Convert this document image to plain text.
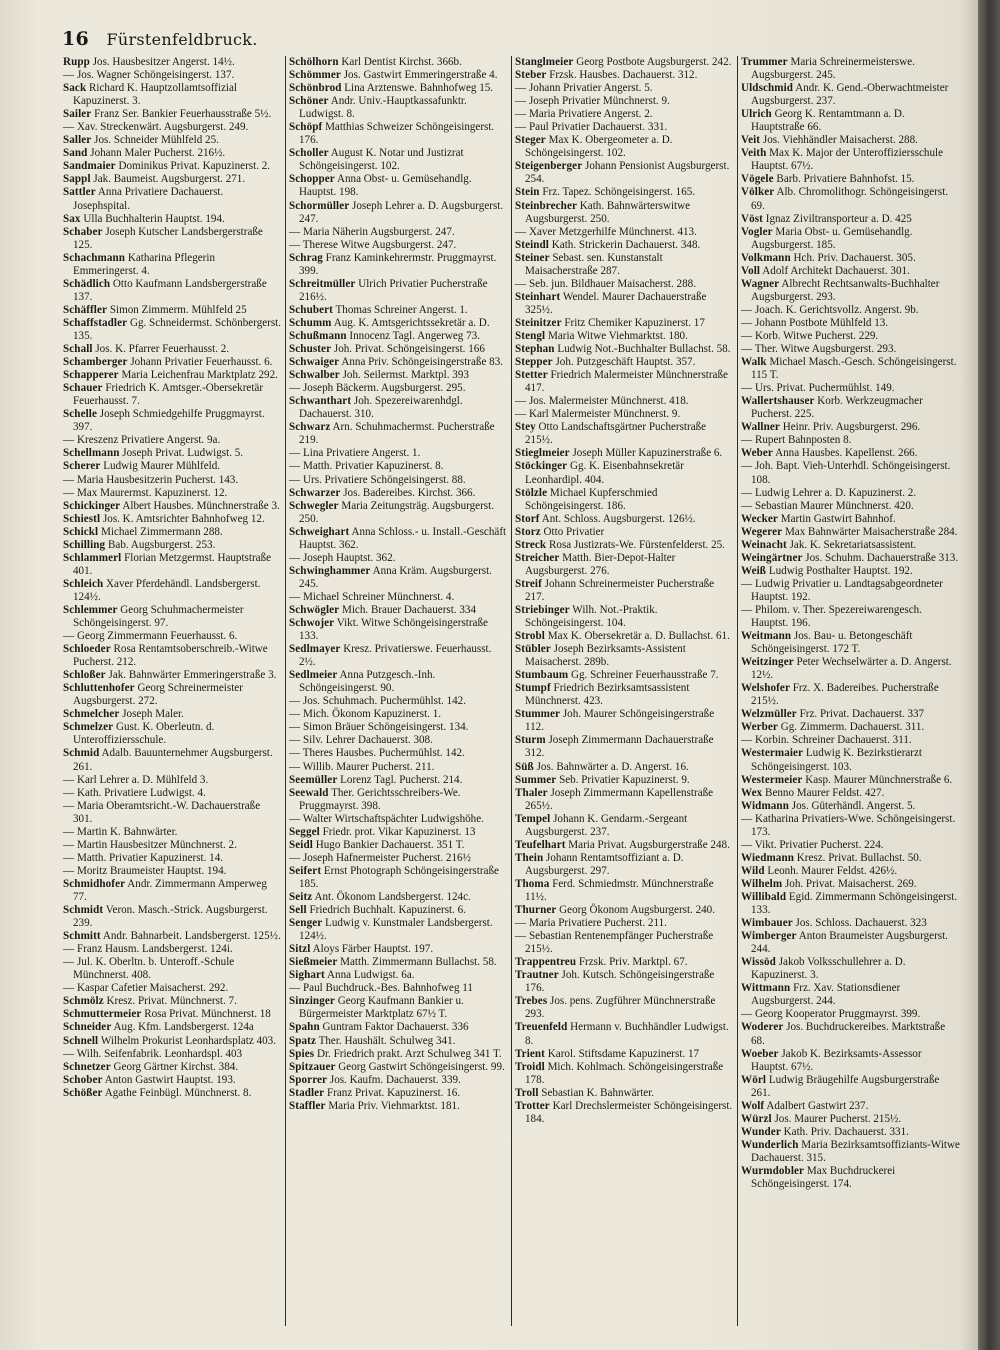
16 Fürstenfeldbruck.

Rupp Jos. Hausbesitzer Angerst. 14½.

— Jos. Wagner Schöngeisingerst. 137.

Sack Richard K. Hauptzollamtsoffizial Kapuzinerst. 3.

Sailer Franz Ser. Bankier Feuerhausstraße 5½.

— Xav. Streckenwärt. Augsburgerst. 249.

Saller Jos. Schneider Mühlfeld 25.

Sand Johann Maler Pucherst. 216½.

Sandmaier Dominikus Privat. Kapuzinerst. 2.

Sappl Jak. Baumeist. Augsburgerst. 271.

Sattler Anna Privatiere Dachauerst. Josephspital.

Sax Ulla Buchhalterin Hauptst. 194.

Schaber Joseph Kutscher Landsbergerstraße 125.

Schachmann Katharina Pflegerin Emmeringerst. 4.

Schädlich Otto Kaufmann Landsbergerstraße 137.

Schäffler Simon Zimmerm. Mühlfeld 25

Schaffstadler Gg. Schneidermst. Schönbergerst. 135.

Schall Jos. K. Pfarrer Feuerhausst. 2.

Schamberger Johann Privatier Feuerhausst. 6.

Schapperer Maria Leichenfrau Marktplatz 292.

Schauer Friedrich K. Amtsger.-Obersekretär Feuerhausst. 7.

Schelle Joseph Schmiedgehilfe Pruggmayrst. 397.

— Kreszenz Privatiere Angerst. 9a.

Schellmann Joseph Privat. Ludwigst. 5.

Scherer Ludwig Maurer Mühlfeld.

— Maria Hausbesitzerin Pucherst. 143.

— Max Maurermst. Kapuzinerst. 12.

Schickinger Albert Hausbes. Münchnerstraße 3.

Schiestl Jos. K. Amtsrichter Bahnhofweg 12.

Schickl Michael Zimmermann 288.

Schilling Bab. Augsburgerst. 253.

Schlammerl Florian Metzgermst. Hauptstraße 401.

Schleich Xaver Pferdehändl. Landsbergerst. 124½.

Schlemmer Georg Schuhmachermeister Schöngeisingerst. 97.

— Georg Zimmermann Feuerhausst. 6.

Schloeder Rosa Rentamtsoberschreib.-Witwe Pucherst. 212.

Schloßer Jak. Bahnwärter Emmeringerstraße 3.

Schluttenhofer Georg Schreinermeister Augsburgerst. 272.

Schmelcher Joseph Maler.

Schmelzer Gust. K. Oberleutn. d. Unteroffiziersschule.

Schmid Adalb. Bauunternehmer Augsburgerst. 261.

— Karl Lehrer a. D. Mühlfeld 3.

— Kath. Privatiere Ludwigst. 4.

— Maria Oberamtsricht.-W. Dachauerstraße 301.

— Martin K. Bahnwärter.

— Martin Hausbesitzer Münchnerst. 2.

— Matth. Privatier Kapuzinerst. 14.

— Moritz Braumeister Hauptst. 194.

Schmidhofer Andr. Zimmermann Amperweg 77.

Schmidt Veron. Masch.-Strick. Augsburgerst. 239.

Schmitt Andr. Bahnarbeit. Landsbergerst. 125½.

— Franz Hausm. Landsbergerst. 124i.

— Jul. K. Oberltn. b. Unteroff.-Schule Münchnerst. 408.

— Kaspar Cafetier Maisacherst. 292.

Schmölz Kresz. Privat. Münchnerst. 7.

Schmuttermeier Rosa Privat. Münchnerst. 18

Schneider Aug. Kfm. Landsbergerst. 124a

Schnell Wilhelm Prokurist Leonhardsplatz 403.

— Wilh. Seifenfabrik. Leonhardspl. 403

Schnetzer Georg Gärtner Kirchst. 384.

Schober Anton Gastwirt Hauptst. 193.

Schößer Agathe Feinbügl. Münchnerst. 8.

Schölhorn Karl Dentist Kirchst. 366b.

Schömmer Jos. Gastwirt Emmeringerstraße 4.

Schönbrod Lina Arztenswe. Bahnhofweg 15.

Schöner Andr. Univ.-Hauptkassafunktr. Ludwigst. 8.

Schöpf Matthias Schweizer Schöngeisingerst. 176.

Scholler August K. Notar und Justizrat Schöngeisingerst. 102.

Schopper Anna Obst- u. Gemüsehandlg. Hauptst. 198.

Schormüller Joseph Lehrer a. D. Augsburgerst. 247.

— Maria Näherin Augsburgerst. 247.

— Therese Witwe Augsburgerst. 247.

Schrag Franz Kaminkehrermstr. Pruggmayrst. 399.

Schreitmüller Ulrich Privatier Pucherstraße 216½.

Schubert Thomas Schreiner Angerst. 1.

Schumm Aug. K. Amtsgerichtssekretär a. D.

Schußmann Innocenz Tagl. Angerweg 73.

Schuster Joh. Privat. Schöngeisingerst. 166

Schwaiger Anna Priv. Schöngeisingerstraße 83.

Schwalber Joh. Seilermst. Marktpl. 393

— Joseph Bäckerm. Augsburgerst. 295.

Schwanthart Joh. Spezereiwarenhdgl. Dachauerst. 310.

Schwarz Arn. Schuhmachermst. Pucherstraße 219.

— Lina Privatiere Angerst. 1.

— Matth. Privatier Kapuzinerst. 8.

— Urs. Privatiere Schöngeisingerst. 88.

Schwarzer Jos. Badereibes. Kirchst. 366.

Schwegler Maria Zeitungsträg. Augsburgerst. 250.

Schweighart Anna Schloss.- u. Install.-Geschäft Hauptst. 362.

— Joseph Hauptst. 362.

Schwinghammer Anna Kräm. Augsburgerst. 245.

— Michael Schreiner Münchnerst. 4.

Schwögler Mich. Brauer Dachauerst. 334

Schwojer Vikt. Witwe Schöngeisingerstraße 133.

Sedlmayer Kresz. Privatierswe. Feuerhausst. 2½.

Sedlmeier Anna Putzgesch.-Inh. Schöngeisingerst. 90.

— Jos. Schuhmach. Puchermühlst. 142.

— Mich. Ökonom Kapuzinerst. 1.

— Simon Bräuer Schöngeisingerst. 134.

— Silv. Lehrer Dachauerst. 308.

— Theres Hausbes. Puchermühlst. 142.

— Willib. Maurer Pucherst. 211.

Seemüller Lorenz Tagl. Pucherst. 214.

Seewald Ther. Gerichtsschreibers-We. Pruggmayrst. 398.

— Walter Wirtschaftspächter Ludwigshöhe.

Seggel Friedr. prot. Vikar Kapuzinerst. 13

Seidl Hugo Bankier Dachauerst. 351 T.

— Joseph Hafnermeister Pucherst. 216½

Seifert Ernst Photograph Schöngeisingerstraße 185.

Seitz Ant. Ökonom Landsbergerst. 124c.

Sell Friedrich Buchhalt. Kapuzinerst. 6.

Senger Ludwig v. Kunstmaler Landsbergerst. 124½.

Sitzl Aloys Färber Hauptst. 197.

Sießmeier Matth. Zimmermann Bullachst. 58.

Sighart Anna Ludwigst. 6a.

— Paul Buchdruck.-Bes. Bahnhofweg 11

Sinzinger Georg Kaufmann Bankier u. Bürgermeister Marktplatz 67½ T.

Spahn Guntram Faktor Dachauerst. 336

Spatz Ther. Haushält. Schulweg 341.

Spies Dr. Friedrich prakt. Arzt Schulweg 341 T.

Spitzauer Georg Gastwirt Schöngeisingerst. 99.

Sporrer Jos. Kaufm. Dachauerst. 339.

Stadler Franz Privat. Kapuzinerst. 16.

Staffler Maria Priv. Viehmarktst. 181.

Stanglmeier Georg Postbote Augsburgerst. 242.

Steber Frzsk. Hausbes. Dachauerst. 312.

— Johann Privatier Angerst. 5.

— Joseph Privatier Münchnerst. 9.

— Maria Privatiere Angerst. 2.

— Paul Privatier Dachauerst. 331.

Steger Max K. Obergeometer a. D. Schöngeisingerst. 102.

Steigenberger Johann Pensionist Augsburgerst. 254.

Stein Frz. Tapez. Schöngeisingerst. 165.

Steinbrecher Kath. Bahnwärterswitwe Augsburgerst. 250.

— Xaver Metzgerhilfe Münchnerst. 413.

Steindl Kath. Strickerin Dachauerst. 348.

Steiner Sebast. sen. Kunstanstalt Maisacherstraße 287.

— Seb. jun. Bildhauer Maisacherst. 288.

Steinhart Wendel. Maurer Dachauerstraße 325½.

Steinitzer Fritz Chemiker Kapuzinerst. 17

Stengl Maria Witwe Viehmarktst. 180.

Stephan Ludwig Not.-Buchhalter Bullachst. 58.

Stepper Joh. Putzgeschäft Hauptst. 357.

Stetter Friedrich Malermeister Münchnerstraße 417.

— Jos. Malermeister Münchnerst. 418.

— Karl Malermeister Münchnerst. 9.

Stey Otto Landschaftsgärtner Pucherstraße 215½.

Stieglmeier Joseph Müller Kapuzinerstraße 6.

Stöckinger Gg. K. Eisenbahnsekretär Leonhardipl. 404.

Stölzle Michael Kupferschmied Schöngeisingerst. 186.

Storf Ant. Schloss. Augsburgerst. 126½.

Storz Otto Privatier

Streck Rosa Justizrats-We. Fürstenfelderst. 25.

Streicher Matth. Bier-Depot-Halter Augsburgerst. 276.

Streif Johann Schreinermeister Pucherstraße 217.

Striebinger Wilh. Not.-Praktik. Schöngeisingerst. 104.

Strobl Max K. Obersekretär a. D. Bullachst. 61.

Stübler Joseph Bezirksamts-Assistent Maisacherst. 289b.

Stumbaum Gg. Schreiner Feuerhausstraße 7.

Stumpf Friedrich Bezirksamtsassistent Münchnerst. 423.

Stummer Joh. Maurer Schöngeisingerstraße 112.

Sturm Joseph Zimmermann Dachauerstraße 312.

Süß Jos. Bahnwärter a. D. Angerst. 16.

Summer Seb. Privatier Kapuzinerst. 9.

Thaler Joseph Zimmermann Kapellenstraße 265½.

Tempel Johann K. Gendarm.-Sergeant Augsburgerst. 237.

Teufelhart Maria Privat. Augsburgerstraße 248.

Thein Johann Rentamtsoffiziant a. D. Augsburgerst. 297.

Thoma Ferd. Schmiedmstr. Münchnerstraße 11½.

Thurner Georg Ökonom Augsburgerst. 240.

— Maria Privatiere Pucherst. 211.

— Sebastian Rentenempfänger Pucherstraße 215½.

Trappentreu Frzsk. Priv. Marktpl. 67.

Trautner Joh. Kutsch. Schöngeisingerstraße 176.

Trebes Jos. pens. Zugführer Münchnerstraße 293.

Treuenfeld Hermann v. Buchhändler Ludwigst. 8.

Trient Karol. Stiftsdame Kapuzinerst. 17

Troidl Mich. Kohlmach. Schöngeisingerstraße 178.

Troll Sebastian K. Bahnwärter.

Trotter Karl Drechslermeister Schöngeisingerst. 184.

Trummer Maria Schreinermeisterswe. Augsburgerst. 245.

Uldschmid Andr. K. Gend.-Oberwachtmeister Augsburgerst. 237.

Ulrich Georg K. Rentamtmann a. D. Hauptstraße 66.

Veit Jos. Viehhändler Maisacherst. 288.

Veith Max K. Major der Unteroffiziersschule Hauptst. 67½.

Vögele Barb. Privatiere Bahnhofst. 15.

Völker Alb. Chromolithogr. Schöngeisingerst. 69.

Vöst Ignaz Ziviltransporteur a. D. 425

Vogler Maria Obst- u. Gemüsehandlg. Augsburgerst. 185.

Volkmann Hch. Priv. Dachauerst. 305.

Voll Adolf Architekt Dachauerst. 301.

Wagner Albrecht Rechtsanwalts-Buchhalter Augsburgerst. 293.

— Joach. K. Gerichtsvollz. Angerst. 9b.

— Johann Postbote Mühlfeld 13.

— Korb. Witwe Pucherst. 229.

— Ther. Witwe Augsburgerst. 293.

Walk Michael Masch.-Gesch. Schöngeisingerst. 115 T.

— Urs. Privat. Puchermühlst. 149.

Wallertshauser Korb. Werkzeugmacher Pucherst. 225.

Wallner Heinr. Priv. Augsburgerst. 296.

— Rupert Bahnposten 8.

Weber Anna Hausbes. Kapellenst. 266.

— Joh. Bapt. Vieh-Unterhdl. Schöngeisingerst. 108.

— Ludwig Lehrer a. D. Kapuzinerst. 2.

— Sebastian Maurer Münchnerst. 420.

Wecker Martin Gastwirt Bahnhof.

Wegerer Max Bahnwärter Maisacherstraße 284.

Weinacht Jak. K. Sekretariatsassistent.

Weingärtner Jos. Schuhm. Dachauerstraße 313.

Weiß Ludwig Posthalter Hauptst. 192.

— Ludwig Privatier u. Landtagsabgeordneter Hauptst. 192.

— Philom. v. Ther. Spezereiwarengesch. Hauptst. 196.

Weitmann Jos. Bau- u. Betongeschäft Schöngeisingerst. 172 T.

Weitzinger Peter Wechselwärter a. D. Angerst. 12½.

Welshofer Frz. X. Badereibes. Pucherstraße 215½.

Welzmüller Frz. Privat. Dachauerst. 337

Werber Gg. Zimmerm. Dachauerst. 311.

— Korbin. Schreiner Dachauerst. 311.

Westermaier Ludwig K. Bezirkstierarzt Schöngeisingerst. 103.

Westermeier Kasp. Maurer Münchnerstraße 6.

Wex Benno Maurer Feldst. 427.

Widmann Jos. Güterhändl. Angerst. 5.

— Katharina Privatiers-Wwe. Schöngeisingerst. 173.

— Vikt. Privatier Pucherst. 224.

Wiedmann Kresz. Privat. Bullachst. 50.

Wild Leonh. Maurer Feldst. 426½.

Wilhelm Joh. Privat. Maisacherst. 269.

Willibald Egid. Zimmermann Schöngeisingerst. 133.

Wimbauer Jos. Schloss. Dachauerst. 323

Wimberger Anton Braumeister Augsburgerst. 244.

Wissöd Jakob Volksschullehrer a. D. Kapuzinerst. 3.

Wittmann Frz. Xav. Stationsdiener Augsburgerst. 244.

— Georg Kooperator Pruggmayrst. 399.

Woderer Jos. Buchdruckereibes. Marktstraße 68.

Woeber Jakob K. Bezirksamts-Assessor Hauptst. 67½.

Wörl Ludwig Bräugehilfe Augsburgerstraße 261.

Wolf Adalbert Gastwirt 237.

Würzl Jos. Maurer Pucherst. 215½.

Wunder Kath. Priv. Dachauerst. 331.

Wunderlich Maria Bezirksamtsoffiziants-Witwe Dachauerst. 315.

Wurmdobler Max Buchdruckerei Schöngeisingerst. 174.
